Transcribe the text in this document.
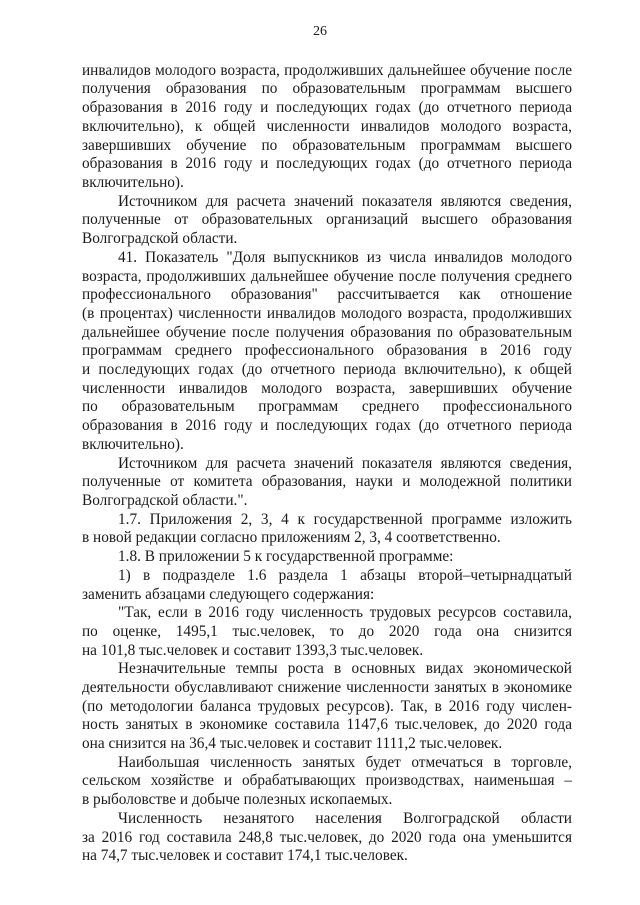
26
инвалидов молодого возраста, продолживших дальнейшее обучение после
получения образования по образовательным программам высшего
образования в 2016 году и последующих годах (до отчетного периода
включительно), к общей численности инвалидов молодого возраста,
завершивших обучение по образовательным программам высшего
образования в 2016 году и последующих годах (до отчетного периода
включительно).
Источником для расчета значений показателя являются сведения,
полученные от образовательных организаций высшего образования
Волгоградской области.
41. Показатель "Доля выпускников из числа инвалидов молодого
возраста, продолживших дальнейшее обучение после получения среднего
профессионального образования" рассчитывается как отношение
(в процентах) численности инвалидов молодого возраста, продолживших
дальнейшее обучение после получения образования по образовательным
программам среднего профессионального образования в 2016 году
и последующих годах (до отчетного периода включительно), к общей
численности инвалидов молодого возраста, завершивших обучение
по образовательным программам среднего профессионального
образования в 2016 году и последующих годах (до отчетного периода
включительно).
Источником для расчета значений показателя являются сведения,
полученные от комитета образования, науки и молодежной политики
Волгоградской области.".
1.7. Приложения 2, 3, 4 к государственной программе изложить
в новой редакции согласно приложениям 2, 3, 4 соответственно.
1.8. В приложении 5 к государственной программе:
1) в подразделе 1.6 раздела 1 абзацы второй–четырнадцатый
заменить абзацами следующего содержания:
"Так, если в 2016 году численность трудовых ресурсов составила,
по оценке, 1495,1 тыс.человек, то до 2020 года она снизится
на 101,8 тыс.человек и составит 1393,3 тыс.человек.
Незначительные темпы роста в основных видах экономической
деятельности обуславливают снижение численности занятых в экономике
(по методологии баланса трудовых ресурсов). Так, в 2016 году числен-
ность занятых в экономике составила 1147,6 тыс.человек, до 2020 года
она снизится на 36,4 тыс.человек и составит 1111,2 тыс.человек.
Наибольшая численность занятых будет отмечаться в торговле,
сельском хозяйстве и обрабатывающих производствах, наименьшая –
в рыболовстве и добыче полезных ископаемых.
Численность незанятого населения Волгоградской области
за 2016 год составила 248,8 тыс.человек, до 2020 года она уменьшится
на 74,7 тыс.человек и составит 174,1 тыс.человек.
